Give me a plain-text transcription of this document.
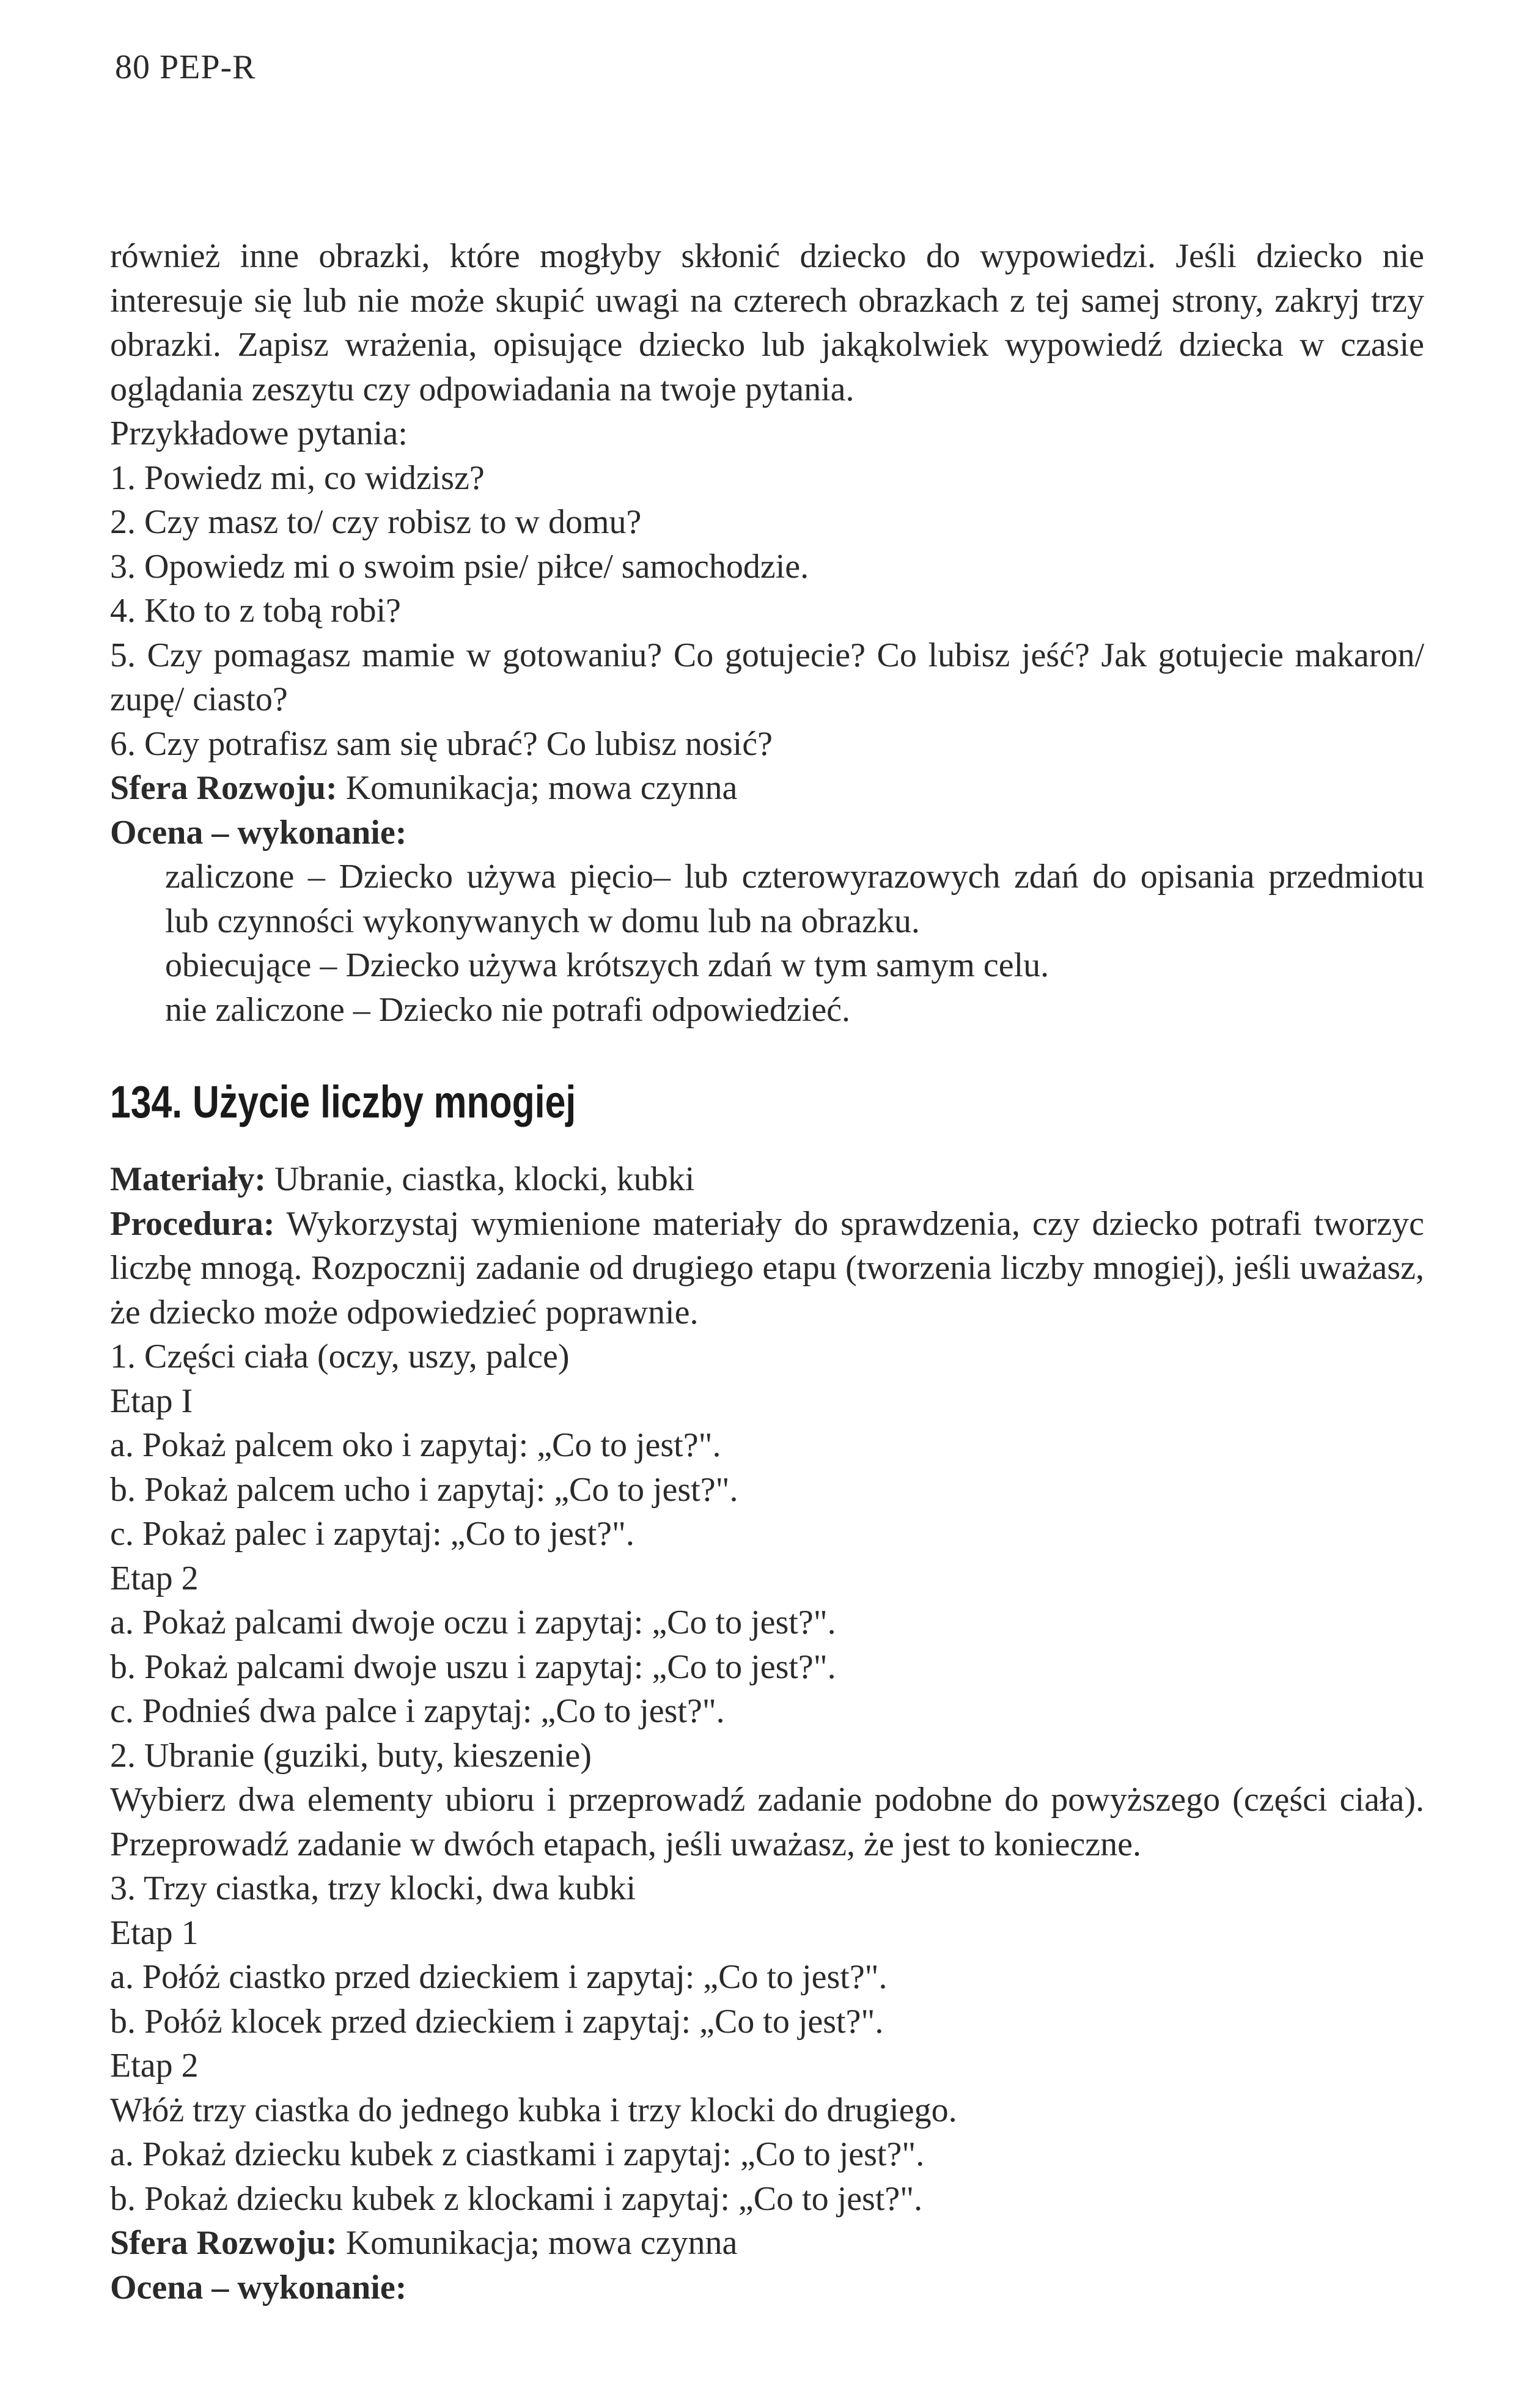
80 PEP-R

również inne obrazki, które mogłyby skłonić dziecko do wypowiedzi. Jeśli dziecko nie interesuje się lub nie może skupić uwagi na czterech obrazkach z tej samej strony, zakryj trzy obrazki. Zapisz wrażenia, opisujące dziecko lub jakąkolwiek wypowiedź dziecka w czasie oglądania zeszytu czy odpowiadania na twoje pytania.

Przykładowe pytania:

1. Powiedz mi, co widzisz?

2. Czy masz to/ czy robisz to w domu?

3. Opowiedz mi o swoim psie/ piłce/ samochodzie.

4. Kto to z tobą robi?

5. Czy pomagasz mamie w gotowaniu? Co gotujecie? Co lubisz jeść? Jak gotujecie makaron/ zupę/ ciasto?

6. Czy potrafisz sam się ubrać? Co lubisz nosić?

Sfera Rozwoju: Komunikacja; mowa czynna

Ocena – wykonanie:

zaliczone – Dziecko używa pięcio– lub czterowyrazowych zdań do opisania przedmiotu lub czynności wykonywanych w domu lub na obrazku.

obiecujące – Dziecko używa krótszych zdań w tym samym celu.

nie zaliczone – Dziecko nie potrafi odpowiedzieć.

134. Użycie liczby mnogiej

Materiały: Ubranie, ciastka, klocki, kubki

Procedura: Wykorzystaj wymienione materiały do sprawdzenia, czy dziecko potrafi tworzyc liczbę mnogą. Rozpocznij zadanie od drugiego etapu (tworzenia liczby mnogiej), jeśli uważasz, że dziecko może odpowiedzieć poprawnie.

1. Części ciała (oczy, uszy, palce)

Etap I

a. Pokaż palcem oko i zapytaj: „Co to jest?".

b. Pokaż palcem ucho i zapytaj: „Co to jest?".

c. Pokaż palec i zapytaj: „Co to jest?".

Etap 2

a. Pokaż palcami dwoje oczu i zapytaj: „Co to jest?".

b. Pokaż palcami dwoje uszu i zapytaj: „Co to jest?".

c. Podnieś dwa palce i zapytaj: „Co to jest?".

2. Ubranie (guziki, buty, kieszenie)

Wybierz dwa elementy ubioru i przeprowadź zadanie podobne do powyższego (części ciała). Przeprowadź zadanie w dwóch etapach, jeśli uważasz, że jest to konieczne.

3. Trzy ciastka, trzy klocki, dwa kubki

Etap 1

a. Połóż ciastko przed dzieckiem i zapytaj: „Co to jest?".

b. Połóż klocek przed dzieckiem i zapytaj: „Co to jest?".

Etap 2

Włóż trzy ciastka do jednego kubka i trzy klocki do drugiego.

a. Pokaż dziecku kubek z ciastkami i zapytaj: „Co to jest?".

b. Pokaż dziecku kubek z klockami i zapytaj: „Co to jest?".

Sfera Rozwoju: Komunikacja; mowa czynna

Ocena – wykonanie:
